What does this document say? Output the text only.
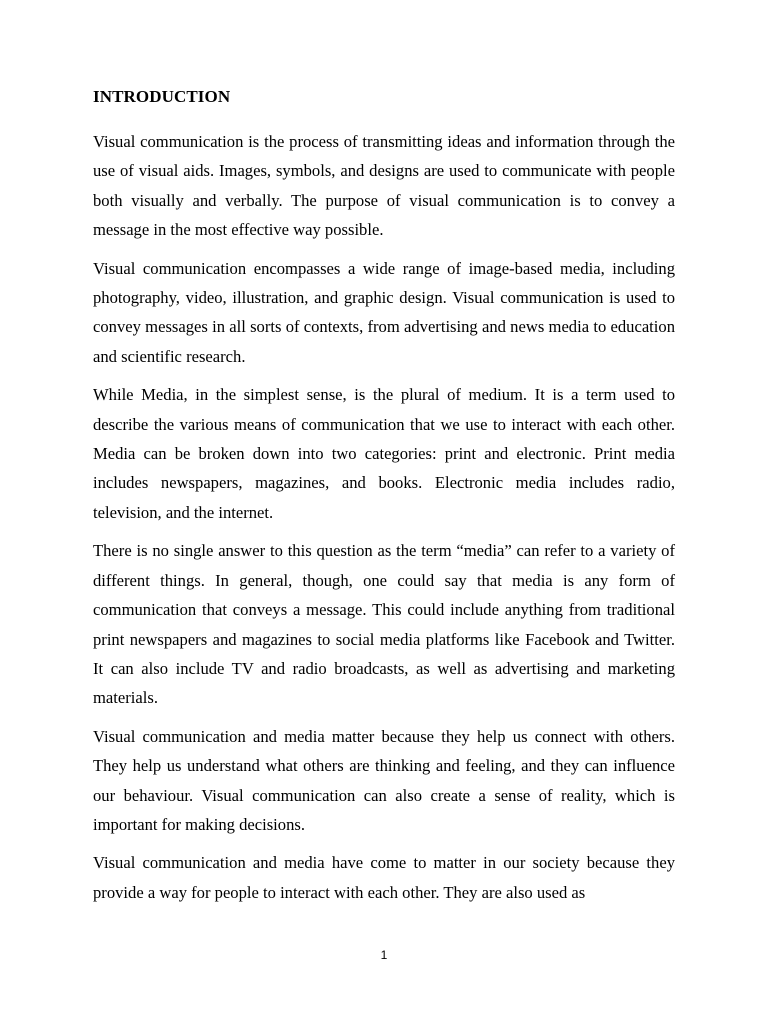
INTRODUCTION

Visual communication is the process of transmitting ideas and information through the use of visual aids. Images, symbols, and designs are used to communicate with people both visually and verbally. The purpose of visual communication is to convey a message in the most effective way possible.

Visual communication encompasses a wide range of image-based media, including photography, video, illustration, and graphic design. Visual communication is used to convey messages in all sorts of contexts, from advertising and news media to education and scientific research.

While Media, in the simplest sense, is the plural of medium. It is a term used to describe the various means of communication that we use to interact with each other. Media can be broken down into two categories: print and electronic. Print media includes newspapers, magazines, and books. Electronic media includes radio, television, and the internet.

There is no single answer to this question as the term “media” can refer to a variety of different things. In general, though, one could say that media is any form of communication that conveys a message. This could include anything from traditional print newspapers and magazines to social media platforms like Facebook and Twitter. It can also include TV and radio broadcasts, as well as advertising and marketing materials.

Visual communication and media matter because they help us connect with others. They help us understand what others are thinking and feeling, and they can influence our behaviour. Visual communication can also create a sense of reality, which is important for making decisions.

Visual communication and media have come to matter in our society because they provide a way for people to interact with each other. They are also used as

1
